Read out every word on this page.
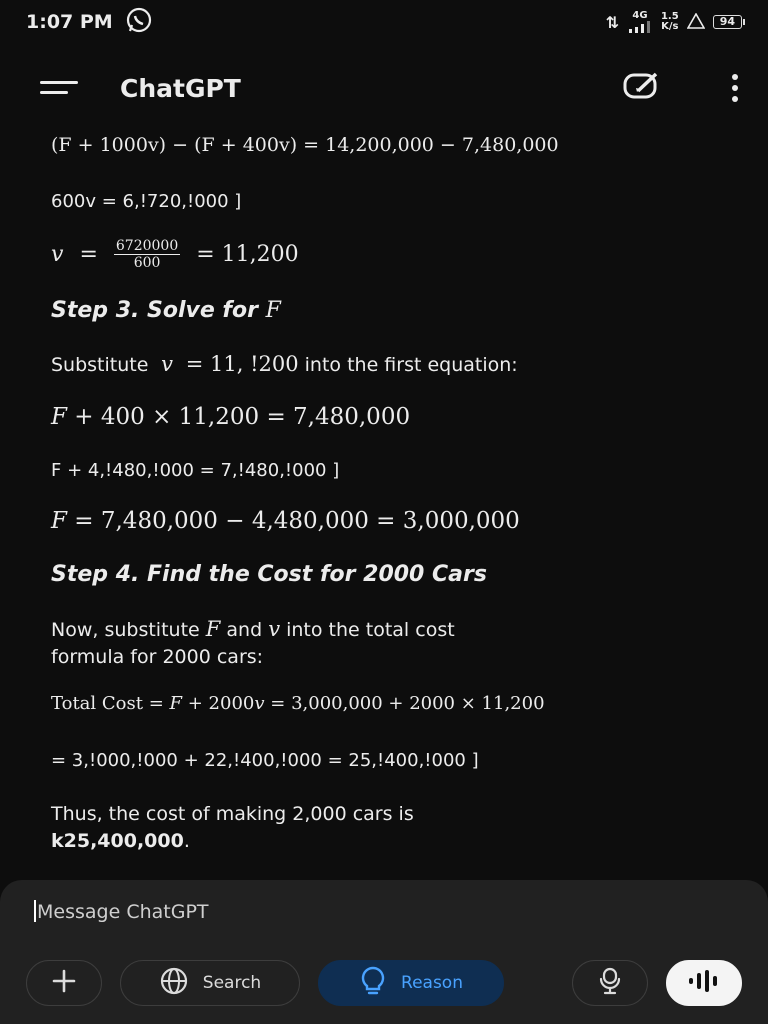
1:07 PM	⇅ 4G 1.5
K/s	94
ChatGPT
(F + 1000v) − (F + 400v) = 14,200,000 − 7,480,000
600v = 6,!720,!000 ]
$v = \frac{6720000}{600} = 11,200$
Step 3. Solve for F
Substitute  v  = 11, !200 into the first equation:
F + 400 × 11,200 = 7,480,000
F + 4,!480,!000 = 7,!480,!000 ]
F = 7,480,000 − 4,480,000 = 3,000,000
Step 4. Find the Cost for 2000 Cars
Now, substitute F and v into the total cost
formula for 2000 cars:
Total Cost = F + 2000v = 3,000,000 + 2000 × 11,200
= 3,!000,!000 + 22,!400,!000 = 25,!400,!000 ]
Thus, the cost of making 2,000 cars is
k25,400,000.
Message ChatGPT
Search	Reason
